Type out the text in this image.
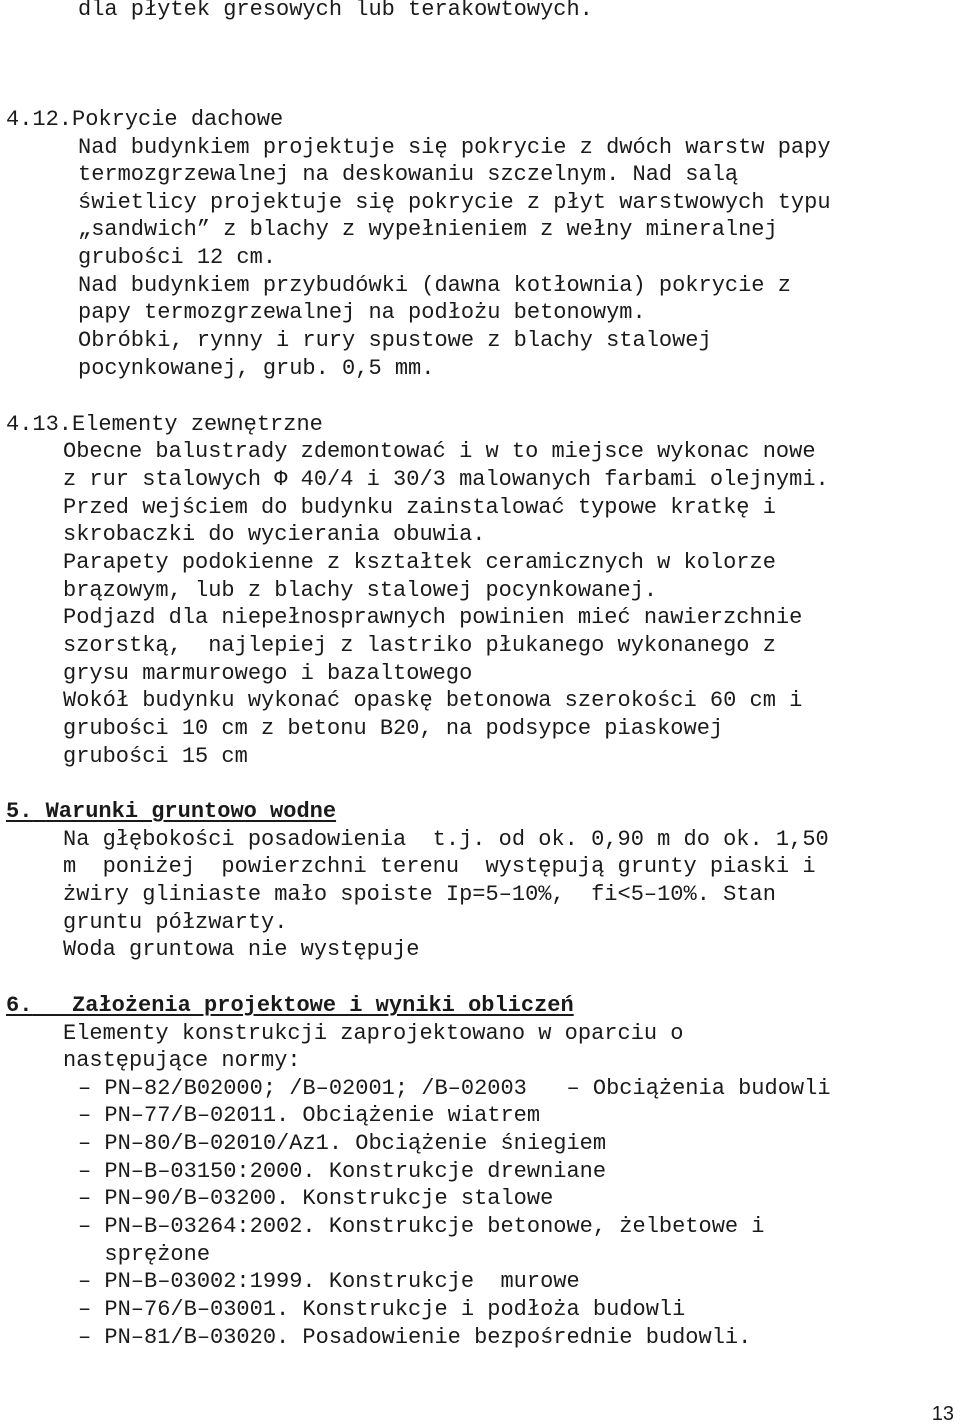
dla płytek gresowych lub terakowtowych.
4.12.Pokrycie dachowe
Nad budynkiem projektuje się pokrycie z dwóch warstw papy
termozgrzewalnej na deskowaniu szczelnym. Nad salą
świetlicy projektuje się pokrycie z płyt warstwowych typu
„sandwich” z blachy z wypełnieniem z wełny mineralnej
grubości 12 cm.
Nad budynkiem przybudówki (dawna kotłownia) pokrycie z
papy termozgrzewalnej na podłożu betonowym.
Obróbki, rynny i rury spustowe z blachy stalowej
pocynkowanej, grub. 0,5 mm.
4.13.Elementy zewnętrzne
Obecne balustrady zdemontować i w to miejsce wykonac nowe
z rur stalowych Φ 40/4 i 30/3 malowanych farbami olejnymi.
Przed wejściem do budynku zainstalować typowe kratkę i
skrobaczki do wycierania obuwia.
Parapety podokienne z kształtek ceramicznych w kolorze
brązowym, lub z blachy stalowej pocynkowanej.
Podjazd dla niepełnosprawnych powinien mieć nawierzchnie
szorstką,  najlepiej z lastriko płukanego wykonanego z
grysu marmurowego i bazaltowego
Wokół budynku wykonać opaskę betonowa szerokości 60 cm i
grubości 10 cm z betonu B20, na podsypce piaskowej
grubości 15 cm
5. Warunki gruntowo wodne
Na głębokości posadowienia  t.j. od ok. 0,90 m do ok. 1,50
m  poniżej  powierzchni terenu  występują grunty piaski i
żwiry gliniaste mało spoiste Ip=5–10%,  fi<5–10%. Stan
gruntu półzwarty.
Woda gruntowa nie występuje
6. Założenia projektowe i wyniki obliczeń
Elementy konstrukcji zaprojektowano w oparciu o
następujące normy:
– PN–82/B02000; /B–02001; /B–02003   – Obciążenia budowli
– PN–77/B–02011. Obciążenie wiatrem
– PN–80/B–02010/Az1. Obciążenie śniegiem
– PN–B–03150:2000. Konstrukcje drewniane
– PN–90/B–03200. Konstrukcje stalowe
– PN–B–03264:2002. Konstrukcje betonowe, żelbetowe i
sprężone
– PN–B–03002:1999. Konstrukcje  murowe
– PN–76/B–03001. Konstrukcje i podłoża budowli
– PN–81/B–03020. Posadowienie bezpośrednie budowli.
13
